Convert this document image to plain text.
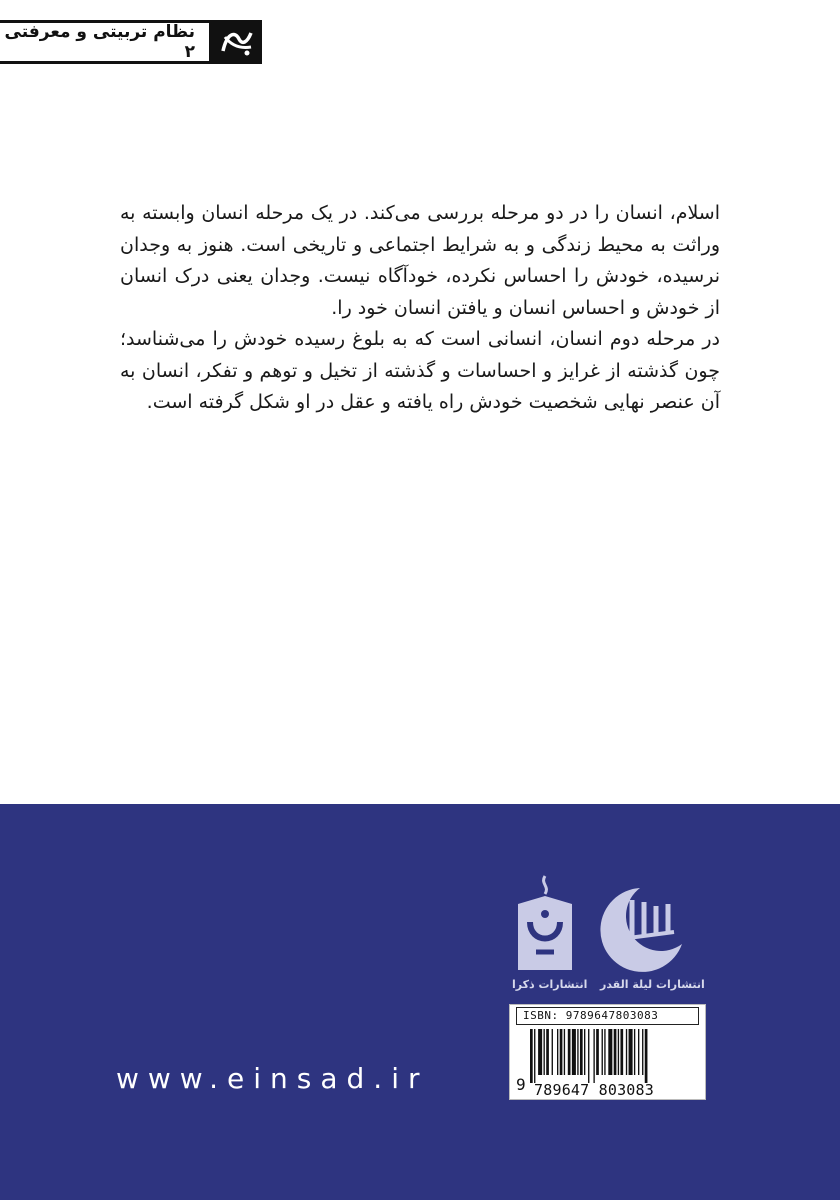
نظام تربیتی و معرفتی ۲

اسلام، انسان را در دو مرحله بررسی می‌کند. در یک مرحله انسان وابسته به وراثت به محیط زندگی و به شرایط اجتماعی و تاریخی است. هنوز به وجدان نرسیده، خودش را احساس نکرده، خودآگاه نیست. وجدان یعنی درک انسان از خودش و احساس انسان و یافتن انسان خود را.

در مرحله دوم انسان، انسانی است که به بلوغ رسیده خودش را می‌شناسد؛ چون گذشته از غرایز و احساسات و گذشته از تخیل و توهم و تفکر، انسان به آن عنصر نهایی شخصیت خودش راه یافته و عقل در او شکل گرفته است.

انتشارات ذکرا انتشارات لیلة القدر
ISBN: 9789647803083
9 789647 803083
www.einsad.ir
